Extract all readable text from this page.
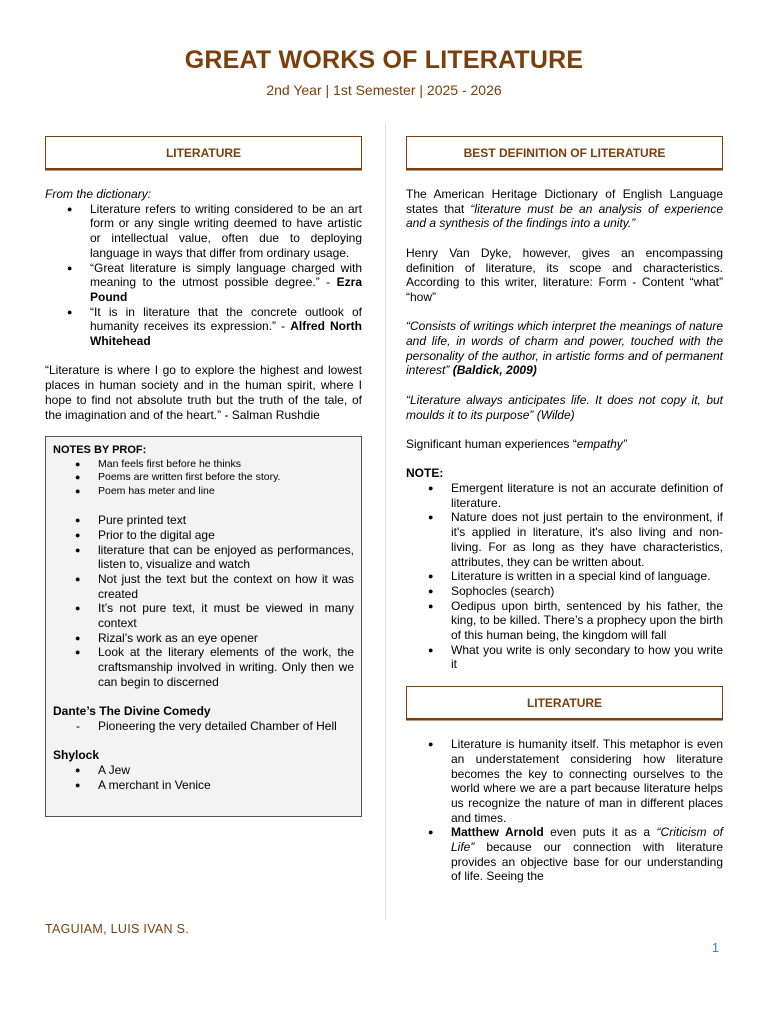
GREAT WORKS OF LITERATURE
2nd Year | 1st Semester | 2025 - 2026
LITERATURE

From the dictionary:

● Literature refers to writing considered to be an art form or any single writing deemed to have artistic or intellectual value, often due to deploying language in ways that differ from ordinary usage.
● “Great literature is simply language charged with meaning to the utmost possible degree.” - Ezra Pound
● “It is in literature that the concrete outlook of humanity receives its expression.” - Alfred North Whitehead

“Literature is where I go to explore the highest and lowest places in human society and in the human spirit, where I hope to find not absolute truth but the truth of the tale, of the imagination and of the heart.” - Salman Rushdie

NOTES BY PROF:
● Man feels first before he thinks
● Poems are written first before the story.
● Poem has meter and line
● Pure printed text
● Prior to the digital age
● literature that can be enjoyed as performances, listen to, visualize and watch
● Not just the text but the context on how it was created
● It’s not pure text, it must be viewed in many context
● Rizal’s work as an eye opener
● Look at the literary elements of the work, the craftsmanship involved in writing. Only then we can begin to discerned

Dante’s The Divine Comedy

- Pioneering the very detailed Chamber of Hell

Shylock

● A Jew
● A merchant in Venice
BEST DEFINITION OF LITERATURE

The American Heritage Dictionary of English Language states that “literature must be an analysis of experience and a synthesis of the findings into a unity.”

Henry Van Dyke, however, gives an encompassing definition of literature, its scope and characteristics. According to this writer, literature: Form - Content “what” “how”

“Consists of writings which interpret the meanings of nature and life, in words of charm and power, touched with the personality of the author, in artistic forms and of permanent interest” (Baldick, 2009)

“Literature always anticipates life. It does not copy it, but moulds it to its purpose” (Wilde)

Significant human experiences “empathy”

NOTE:

● Emergent literature is not an accurate definition of literature.
● Nature does not just pertain to the environment, if it's applied in literature, it's also living and non-living. For as long as they have characteristics, attributes, they can be written about.
● Literature is written in a special kind of language.
● Sophocles (search)
● Oedipus upon birth, sentenced by his father, the king, to be killed. There’s a prophecy upon the birth of this human being, the kingdom will fall
● What you write is only secondary to how you write it
LITERATURE
● Literature is humanity itself. This metaphor is even an understatement considering how literature becomes the key to connecting ourselves to the world where we are a part because literature helps us recognize the nature of man in different places and times.
● Matthew Arnold even puts it as a “Criticism of Life” because our connection with literature provides an objective base for our understanding of life. Seeing the
TAGUIAM, LUIS IVAN S.
1
